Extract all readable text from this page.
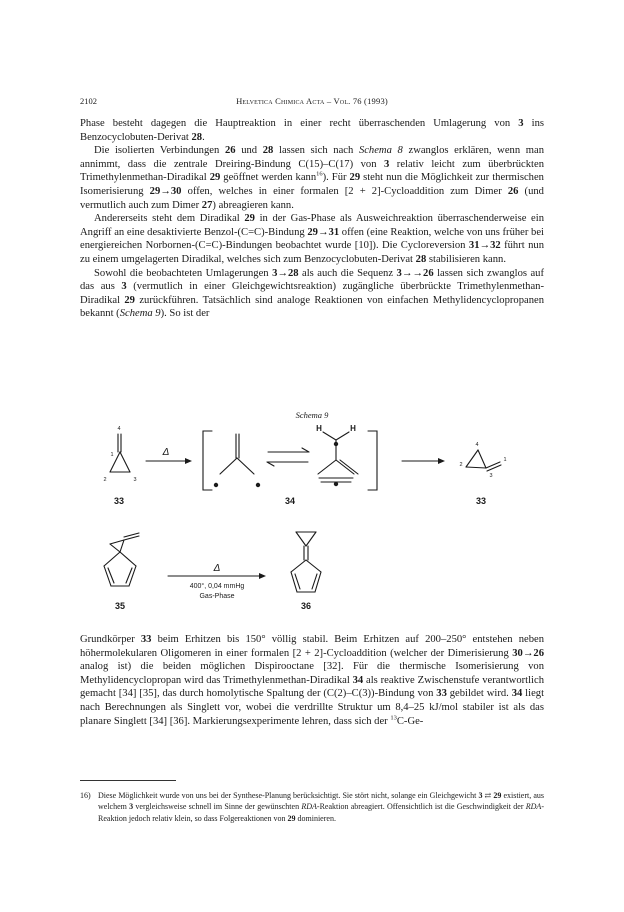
2102	Helvetica Chimica Acta – Vol. 76 (1993)

Phase besteht dagegen die Hauptreaktion in einer recht überraschenden Umlagerung von 3 ins Benzocyclobuten-Derivat 28.

Die isolierten Verbindungen 26 und 28 lassen sich nach Schema 8 zwanglos erklären, wenn man annimmt, dass die zentrale Dreiring-Bindung C(15)–C(17) von 3 relativ leicht zum überbrückten Trimethylenmethan-Diradikal 29 geöffnet werden kann$^{16}$). Für 29 steht nun die Möglichkeit zur thermischen Isomerisierung 29→30 offen, welches in einer formalen [2 + 2]-Cycloaddition zum Dimer 26 (und vermutlich auch zum Dimer 27) abreagieren kann.

Andererseits steht dem Diradikal 29 in der Gas-Phase als Ausweichreaktion überraschenderweise ein Angriff an eine desaktivierte Benzol-(C=C)-Bindung 29→31 offen (eine Reaktion, welche von uns früher bei energiereichen Norbornen-(C=C)-Bindungen beobachtet wurde [10]). Die Cycloreversion 31→32 führt nun zu einem umgelagerten Diradikal, welches sich zum Benzocyclobuten-Derivat 28 stabilisieren kann.

Sowohl die beobachteten Umlagerungen 3→28 als auch die Sequenz 3→→26 lassen sich zwanglos auf das aus 3 (vermutlich in einer Gleichgewichtsreaktion) zugängliche überbrückte Trimethylenmethan-Diradikal 29 zurückführen. Tatsächlich sind analoge Reaktionen von einfachen Methylidencyclopropanen bekannt (Schema 9). So ist der

Schema 9
Δ
Δ
400°, 0,04 mmHg
Gas-Phase
4
1
2	3
4
2
1
3
H	H
33	34	33
35	36

Grundkörper 33 beim Erhitzen bis 150° völlig stabil. Beim Erhitzen auf 200–250° entstehen neben höhermolekularen Oligomeren in einer formalen [2 + 2]-Cycloaddition (welcher der Dimerisierung 30→26 analog ist) die beiden möglichen Dispirooctane [32]. Für die thermische Isomerisierung von Methylidencyclopropan wird das Trimethylenmethan-Diradikal 34 als reaktive Zwischenstufe verantwortlich gemacht [34] [35], das durch homolytische Spaltung der (C(2)–C(3))-Bindung von 33 gebildet wird. 34 liegt nach Berechnungen als Singlett vor, wobei die verdrillte Struktur um 8,4–25 kJ/mol stabiler ist als das planare Singlett [34] [36]. Markierungsexperimente lehren, dass sich der $^{13}$C-Ge-

16) Diese Möglichkeit wurde von uns bei der Synthese-Planung berücksichtigt. Sie stört nicht, solange ein Gleichgewicht 3 ⇄ 29 existiert, aus welchem 3 vergleichsweise schnell im Sinne der gewünschten RDA-Reaktion abreagiert. Offensichtlich ist die Geschwindigkeit der RDA-Reaktion jedoch relativ klein, so dass Folgereaktionen von 29 dominieren.
